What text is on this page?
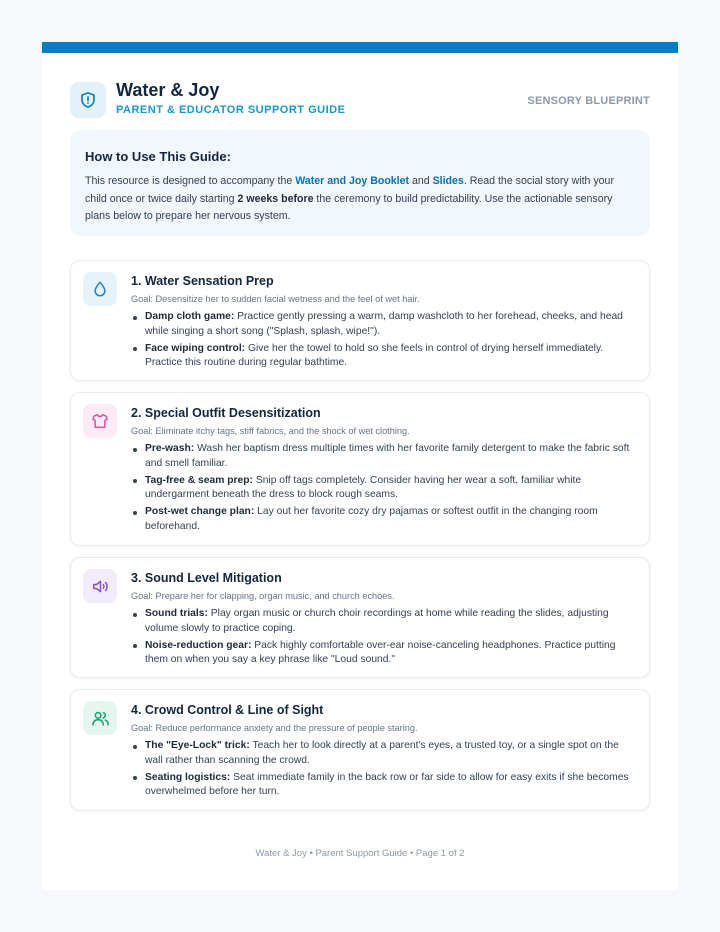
Water & Joy
PARENT & EDUCATOR SUPPORT GUIDE
SENSORY BLUEPRINT
How to Use This Guide:

This resource is designed to accompany the Water and Joy Booklet and Slides. Read the social story with your child once or twice daily starting 2 weeks before the ceremony to build predictability. Use the actionable sensory plans below to prepare her nervous system.

1. Water Sensation Prep
Goal: Desensitize her to sudden facial wetness and the feel of wet hair.
Damp cloth game: Practice gently pressing a warm, damp washcloth to her forehead, cheeks, and head while singing a short song ("Splash, splash, wipe!").
Face wiping control: Give her the towel to hold so she feels in control of drying herself immediately. Practice this routine during regular bathtime.
2. Special Outfit Desensitization
Goal: Eliminate itchy tags, stiff fabrics, and the shock of wet clothing.
Pre-wash: Wash her baptism dress multiple times with her favorite family detergent to make the fabric soft and smell familiar.
Tag-free & seam prep: Snip off tags completely. Consider having her wear a soft, familiar white undergarment beneath the dress to block rough seams.
Post-wet change plan: Lay out her favorite cozy dry pajamas or softest outfit in the changing room beforehand.
3. Sound Level Mitigation
Goal: Prepare her for clapping, organ music, and church echoes.
Sound trials: Play organ music or church choir recordings at home while reading the slides, adjusting volume slowly to practice coping.
Noise-reduction gear: Pack highly comfortable over-ear noise-canceling headphones. Practice putting them on when you say a key phrase like "Loud sound."
4. Crowd Control & Line of Sight
Goal: Reduce performance anxiety and the pressure of people staring.
The "Eye-Lock" trick: Teach her to look directly at a parent's eyes, a trusted toy, or a single spot on the wall rather than scanning the crowd.
Seating logistics: Seat immediate family in the back row or far side to allow for easy exits if she becomes overwhelmed before her turn.
Water & Joy • Parent Support Guide • Page 1 of 2
